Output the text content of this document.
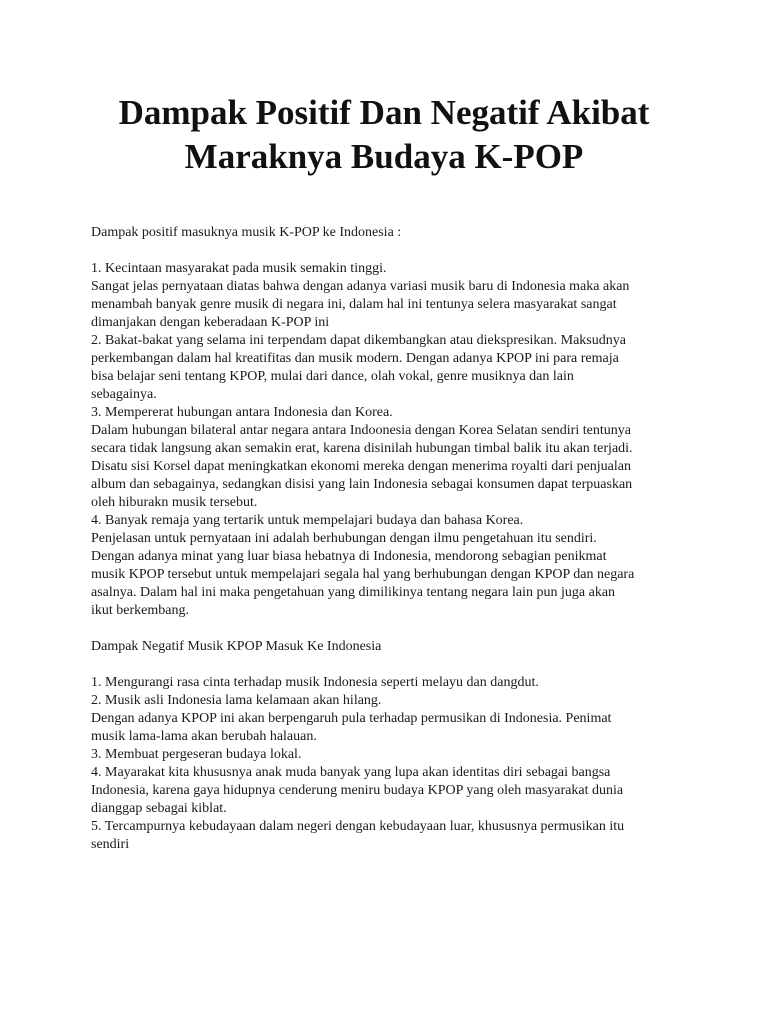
Dampak Positif Dan Negatif Akibat
Maraknya Budaya K-POP
Dampak positif masuknya musik K-POP ke Indonesia :
1. Kecintaan masyarakat pada musik semakin tinggi.
Sangat jelas pernyataan diatas bahwa dengan adanya variasi musik baru di Indonesia maka akan
menambah banyak genre musik di negara ini, dalam hal ini tentunya selera masyarakat sangat
dimanjakan dengan keberadaan K-POP ini
2. Bakat-bakat yang selama ini terpendam dapat dikembangkan atau diekspresikan. Maksudnya
perkembangan dalam hal kreatifitas dan musik modern. Dengan adanya KPOP ini para remaja
bisa belajar seni tentang KPOP, mulai dari dance, olah vokal, genre musiknya dan lain
sebagainya.
3. Mempererat hubungan antara Indonesia dan Korea.
Dalam hubungan bilateral antar negara antara Indoonesia dengan Korea Selatan sendiri tentunya
secara tidak langsung akan semakin erat, karena disinilah hubungan timbal balik itu akan terjadi.
Disatu sisi Korsel dapat meningkatkan ekonomi mereka dengan menerima royalti dari penjualan
album dan sebagainya, sedangkan disisi yang lain Indonesia sebagai konsumen dapat terpuaskan
oleh hiburakn musik tersebut.
4. Banyak remaja yang tertarik untuk mempelajari budaya dan bahasa Korea.
Penjelasan untuk pernyataan ini adalah berhubungan dengan ilmu pengetahuan itu sendiri.
Dengan adanya minat yang luar biasa hebatnya di Indonesia, mendorong sebagian penikmat
musik KPOP tersebut untuk mempelajari segala hal yang berhubungan dengan KPOP dan negara
asalnya. Dalam hal ini maka pengetahuan yang dimilikinya tentang negara lain pun juga akan
ikut berkembang.
Dampak Negatif Musik KPOP Masuk Ke Indonesia
1. Mengurangi rasa cinta terhadap musik Indonesia seperti melayu dan dangdut.
2. Musik asli Indonesia lama kelamaan akan hilang.
Dengan adanya KPOP ini akan berpengaruh pula terhadap permusikan di Indonesia. Penimat
musik lama-lama akan berubah halauan.
3. Membuat pergeseran budaya lokal.
4. Mayarakat kita khususnya anak muda banyak yang lupa akan identitas diri sebagai bangsa
Indonesia, karena gaya hidupnya cenderung meniru budaya KPOP yang oleh masyarakat dunia
dianggap sebagai kiblat.
5. Tercampurnya kebudayaan dalam negeri dengan kebudayaan luar, khususnya permusikan itu
sendiri
